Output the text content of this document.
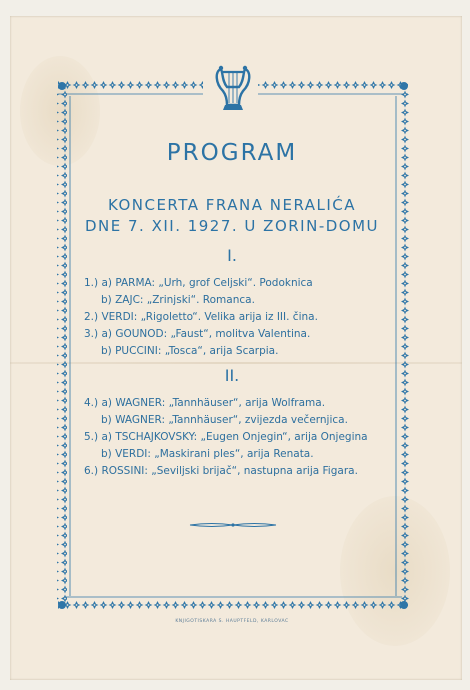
PROGRAM
KONCERTA FRANA NERALIĆA
DNE 7. XII. 1927. U ZORIN-DOMU
I.
1.) a) PARMA: „Urh, grof Celjski“. Podoknica
b) ZAJC: „Zrinjski“. Romanca.
2.) VERDI: „Rigoletto“. Velika arija iz III. čina.
3.) a) GOUNOD: „Faust“, molitva Valentina.
b) PUCCINI: „Tosca“, arija Scarpia.
II.
4.) a) WAGNER: „Tannhäuser“, arija Wolframa.
b) WAGNER: „Tannhäuser“, zvijezda večernjica.
5.) a) TSCHAJKOVSKY: „Eugen Onjegin“, arija Onjegina
b) VERDI: „Maskirani ples“, arija Renata.
6.) ROSSINI: „Seviljski brijač“, nastupna arija Figara.
KNJIGOTISKARA S. HAUPTFELD, KARLOVAC
